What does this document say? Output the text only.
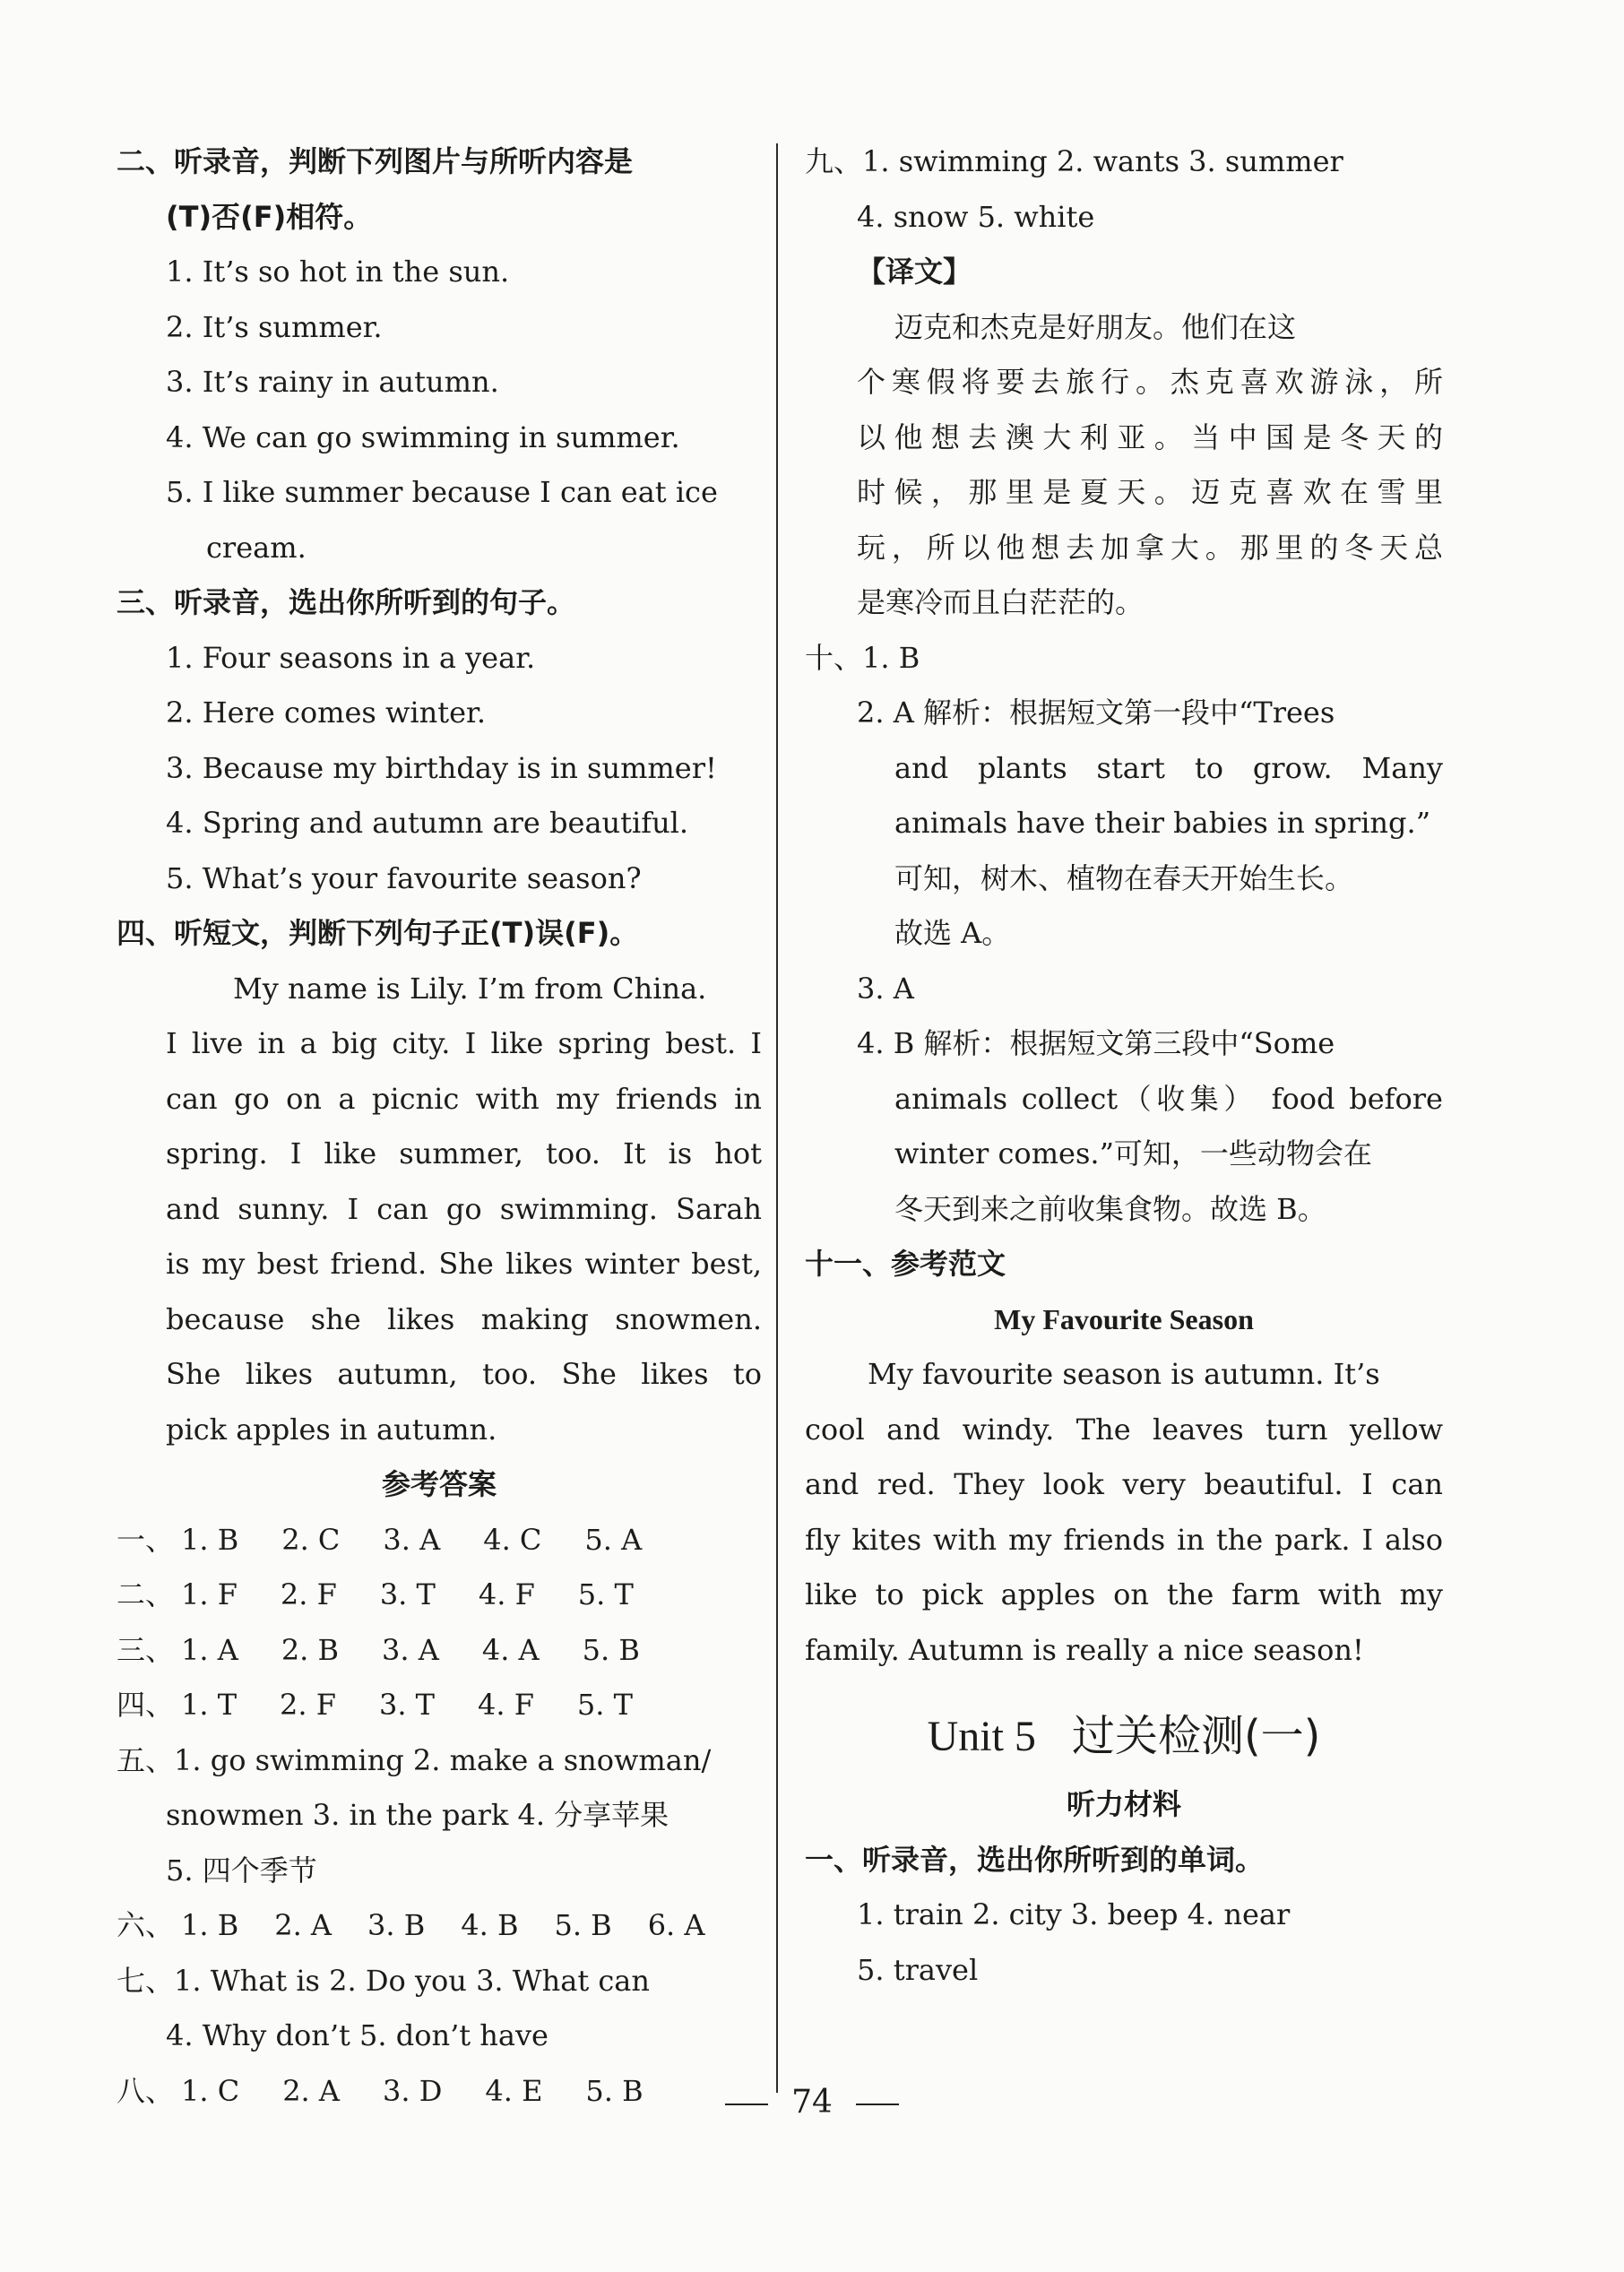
二、听录音，判断下列图片与所听内容是
(T)否(F)相符。
1. It’s so hot in the sun.
2. It’s summer.
3. It’s rainy in autumn.
4. We can go swimming in summer.
5. I like summer because I can eat ice
cream.
三、听录音，选出你所听到的句子。
1. Four seasons in a year.
2. Here comes winter.
3. Because my birthday is in summer!
4. Spring and autumn are beautiful.
5. What’s your favourite season?
四、听短文，判断下列句子正(T)误(F)。
My name is Lily. I’m from China.
I live in a big city. I like spring best. I
can go on a picnic with my friends in
spring. I like summer, too. It is hot
and sunny. I can go swimming. Sarah
is my best friend. She likes winter best,
because she likes making snowmen.
She likes autumn, too. She likes to
pick apples in autumn.
参考答案
一、 1. B 2. C 3. A 4. C 5. A
二、 1. F 2. F 3. T 4. F 5. T
三、 1. A 2. B 3. A 4. A 5. B
四、 1. T 2. F 3. T 4. F 5. T
五、1. go swimming 2. make a snowman/
snowmen 3. in the park 4. 分享苹果
5. 四个季节
六、 1. B 2. A 3. B 4. B 5. B 6. A
七、1. What is 2. Do you 3. What can
4. Why don’t 5. don’t have
八、 1. C 2. A 3. D 4. E 5. B
九、1. swimming 2. wants 3. summer
4. snow 5. white
【译文】
迈克和杰克是好朋友。他们在这
个寒假将要去旅行。杰克喜欢游泳，所
以他想去澳大利亚。当中国是冬天的
时候，那里是夏天。迈克喜欢在雪里
玩，所以他想去加拿大。那里的冬天总
是寒冷而且白茫茫的。
十、1. B
2. A 解析：根据短文第一段中“Trees
and plants start to grow. Many
animals have their babies in spring.”
可知，树木、植物在春天开始生长。
故选 A。
3. A
4. B 解析：根据短文第三段中“Some
animals collect（收集） food before
winter comes.”可知，一些动物会在
冬天到来之前收集食物。故选 B。
十一、参考范文
My Favourite Season
My favourite season is autumn. It’s
cool and windy. The leaves turn yellow
and red. They look very beautiful. I can
fly kites with my friends in the park. I also
like to pick apples on the farm with my
family. Autumn is really a nice season!
Unit 5 过关检测(一)
听力材料
一、听录音，选出你所听到的单词。
1. train 2. city 3. beep 4. near
5. travel
74
